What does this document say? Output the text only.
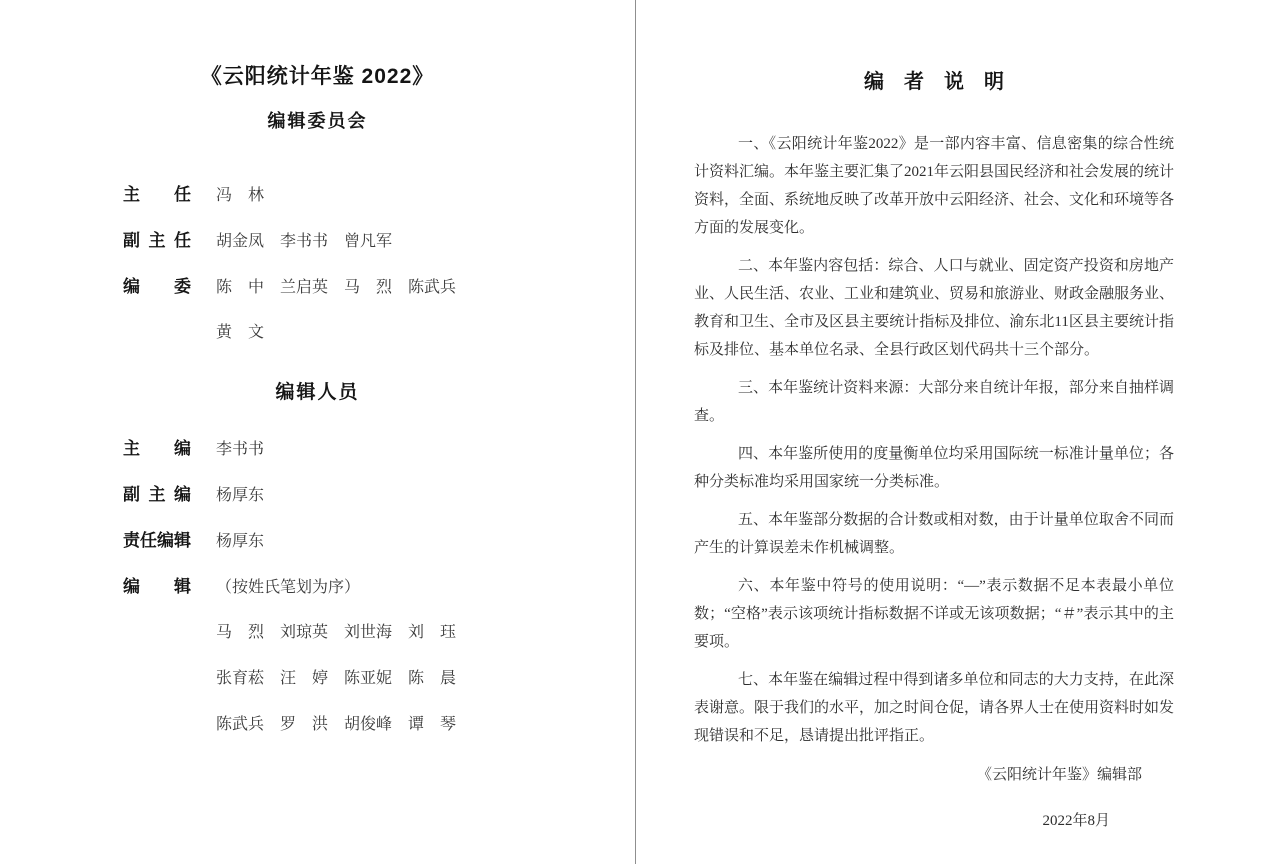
《云阳统计年鉴 2022》
编辑委员会
主　　任 冯　林
副 主 任 胡金凤　李书书　曾凡军
编　　委 陈　中　兰启英　马　烈　陈武兵
黄　文
编辑人员
主　　编 李书书
副 主 编 杨厚东
责任编辑 杨厚东
编　　辑 （按姓氏笔划为序）
马　烈　刘琼英　刘世海　刘　珏
张育菘　汪　婷　陈亚妮　陈　晨
陈武兵　罗　洪　胡俊峰　谭　琴
编　者　说　明

一、《云阳统计年鉴2022》是一部内容丰富、信息密集的综合性统计资料汇编。本年鉴主要汇集了2021年云阳县国民经济和社会发展的统计资料，全面、系统地反映了改革开放中云阳经济、社会、文化和环境等各方面的发展变化。

二、本年鉴内容包括：综合、人口与就业、固定资产投资和房地产业、人民生活、农业、工业和建筑业、贸易和旅游业、财政金融服务业、教育和卫生、全市及区县主要统计指标及排位、渝东北11区县主要统计指标及排位、基本单位名录、全县行政区划代码共十三个部分。

三、本年鉴统计资料来源：大部分来自统计年报，部分来自抽样调查。

四、本年鉴所使用的度量衡单位均采用国际统一标准计量单位；各种分类标准均采用国家统一分类标准。

五、本年鉴部分数据的合计数或相对数，由于计量单位取舍不同而产生的计算误差未作机械调整。

六、本年鉴中符号的使用说明：“—”表示数据不足本表最小单位数；“空格”表示该项统计指标数据不详或无该项数据；“＃”表示其中的主要项。

七、本年鉴在编辑过程中得到诸多单位和同志的大力支持，在此深表谢意。限于我们的水平，加之时间仓促，请各界人士在使用资料时如发现错误和不足，恳请提出批评指正。

《云阳统计年鉴》编辑部
2022年8月
